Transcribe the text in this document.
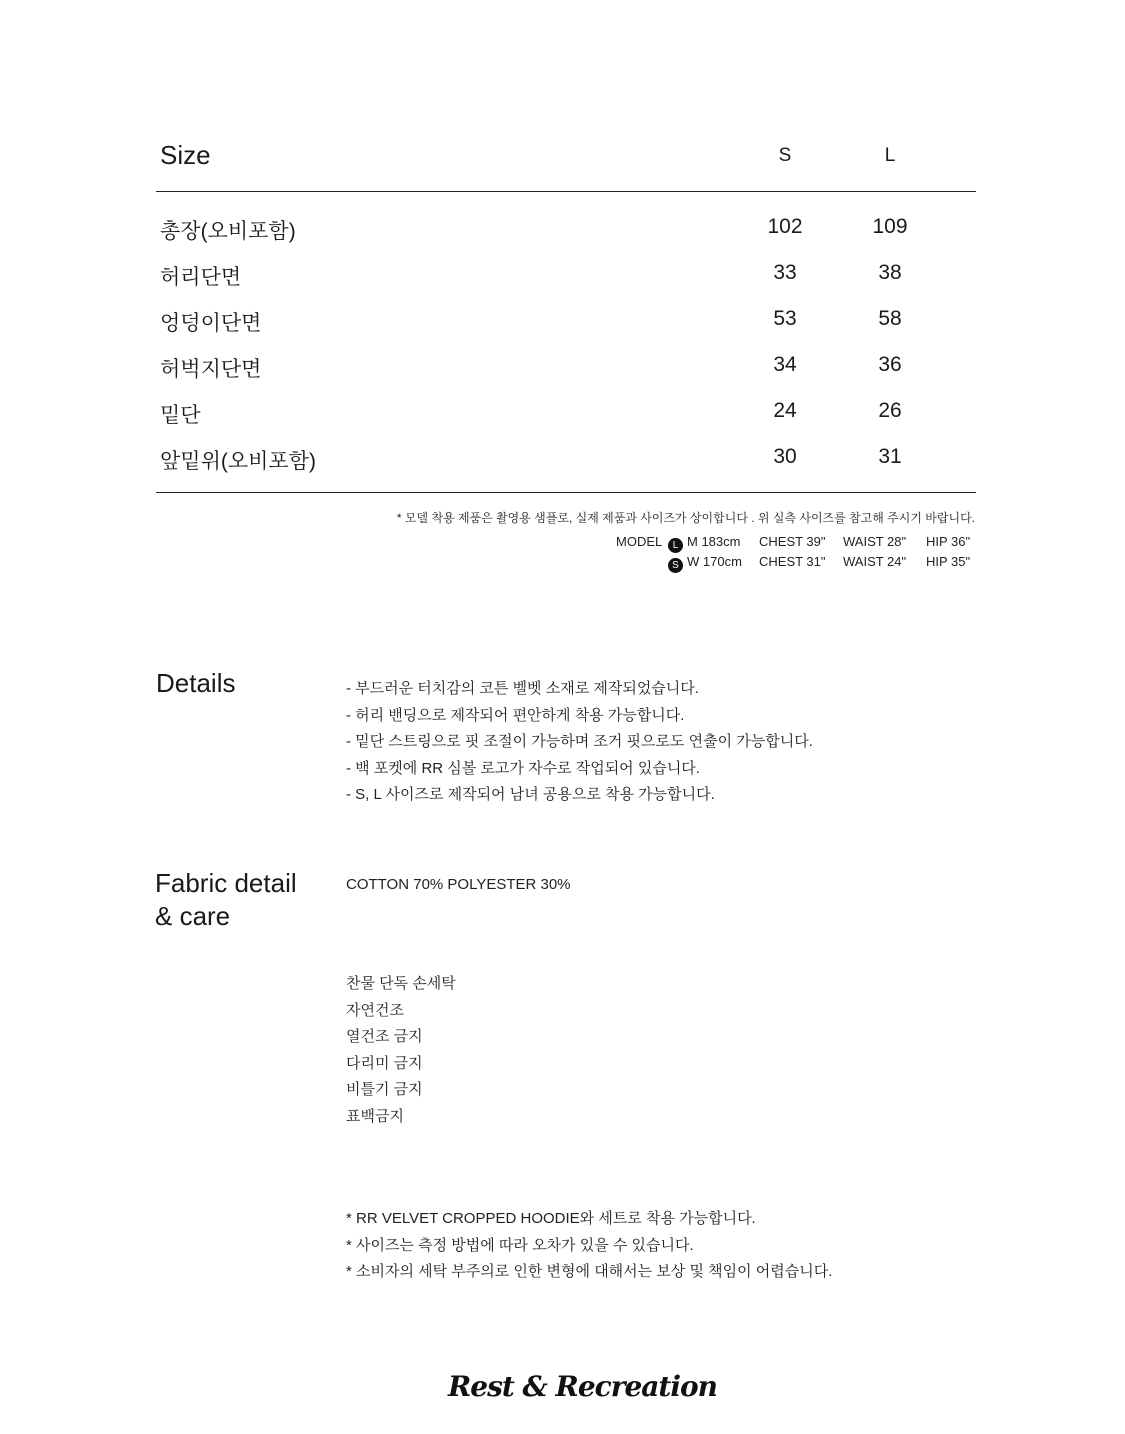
Size	S	L
총장(오비포함)	102	109
허리단면	33	38
엉덩이단면	53	58
허벅지단면	34	36
밑단	24	26
앞밑위(오비포함)	30	31
* 모델 착용 제품은 촬영용 샘플로, 실제 제품과 사이즈가 상이합니다 . 위 실측 사이즈를 참고해 주시기 바랍니다.
MODEL	L M 183cm CHEST 39" WAIST 28" HIP 36"
S W 170cm CHEST 31" WAIST 24" HIP 35"
Details	- 부드러운 터치감의 코튼 벨벳 소재로 제작되었습니다.
- 허리 밴딩으로 제작되어 편안하게 착용 가능합니다.
- 밑단 스트링으로 핏 조절이 가능하며 조거 핏으로도 연출이 가능합니다.
- 백 포켓에 RR 심볼 로고가 자수로 작업되어 있습니다.
- S, L 사이즈로 제작되어 남녀 공용으로 착용 가능합니다.
Fabric detail
& care
COTTON 70% POLYESTER 30%
찬물 단독 손세탁
자연건조
열건조 금지
다리미 금지
비틀기 금지
표백금지
* RR VELVET CROPPED HOODIE와 세트로 착용 가능합니다.
* 사이즈는 측정 방법에 따라 오차가 있을 수 있습니다.
* 소비자의 세탁 부주의로 인한 변형에 대해서는 보상 및 책임이 어렵습니다.
Rest & Recreation
